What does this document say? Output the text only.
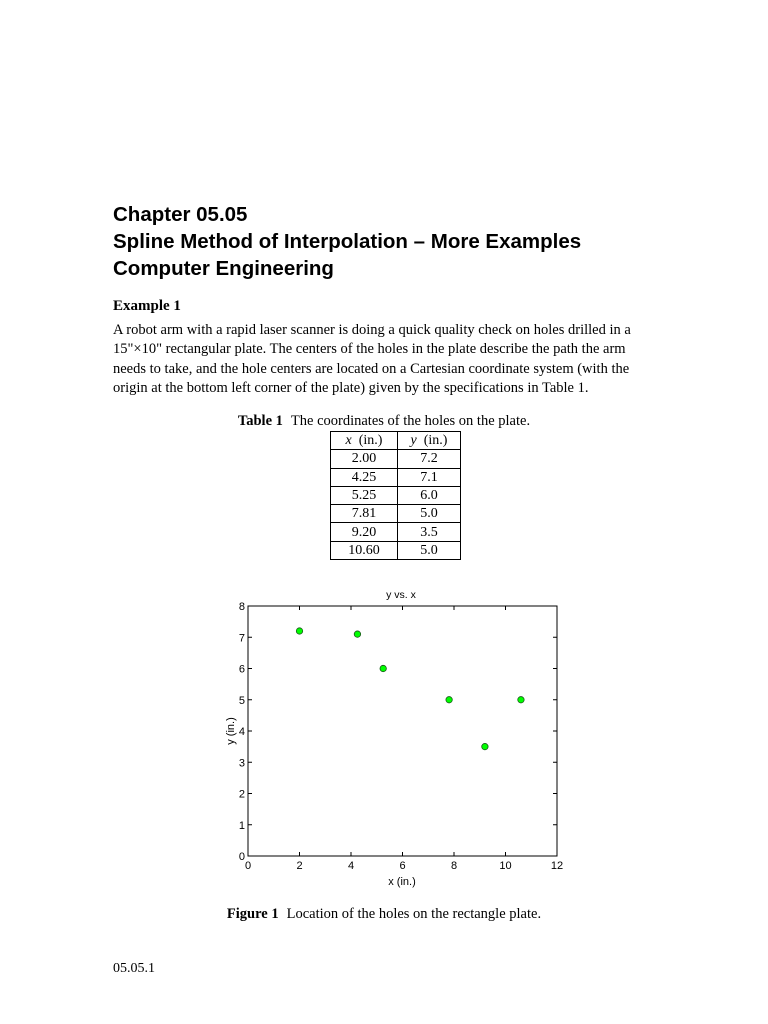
Chapter 05.05
Spline Method of Interpolation – More Examples
Computer Engineering
Example 1
A robot arm with a rapid laser scanner is doing a quick quality check on holes drilled in a
15"×10" rectangular plate. The centers of the holes in the plate describe the path the arm
needs to take, and the hole centers are located on a Cartesian coordinate system (with the
origin at the bottom left corner of the plate) given by the specifications in Table 1.
Table 1 The coordinates of the holes on the plate.
x (in.)	y (in.)
2.00	7.2
4.25	7.1
5.25	6.0
7.81	5.0
9.20	3.5
10.60	5.0
y vs. x
0	2	4	6	8	10	12
0
1
2
3
4
5
6
7
8
x (in.)
y (in.)
Figure 1 Location of the holes on the rectangle plate.
05.05.1
